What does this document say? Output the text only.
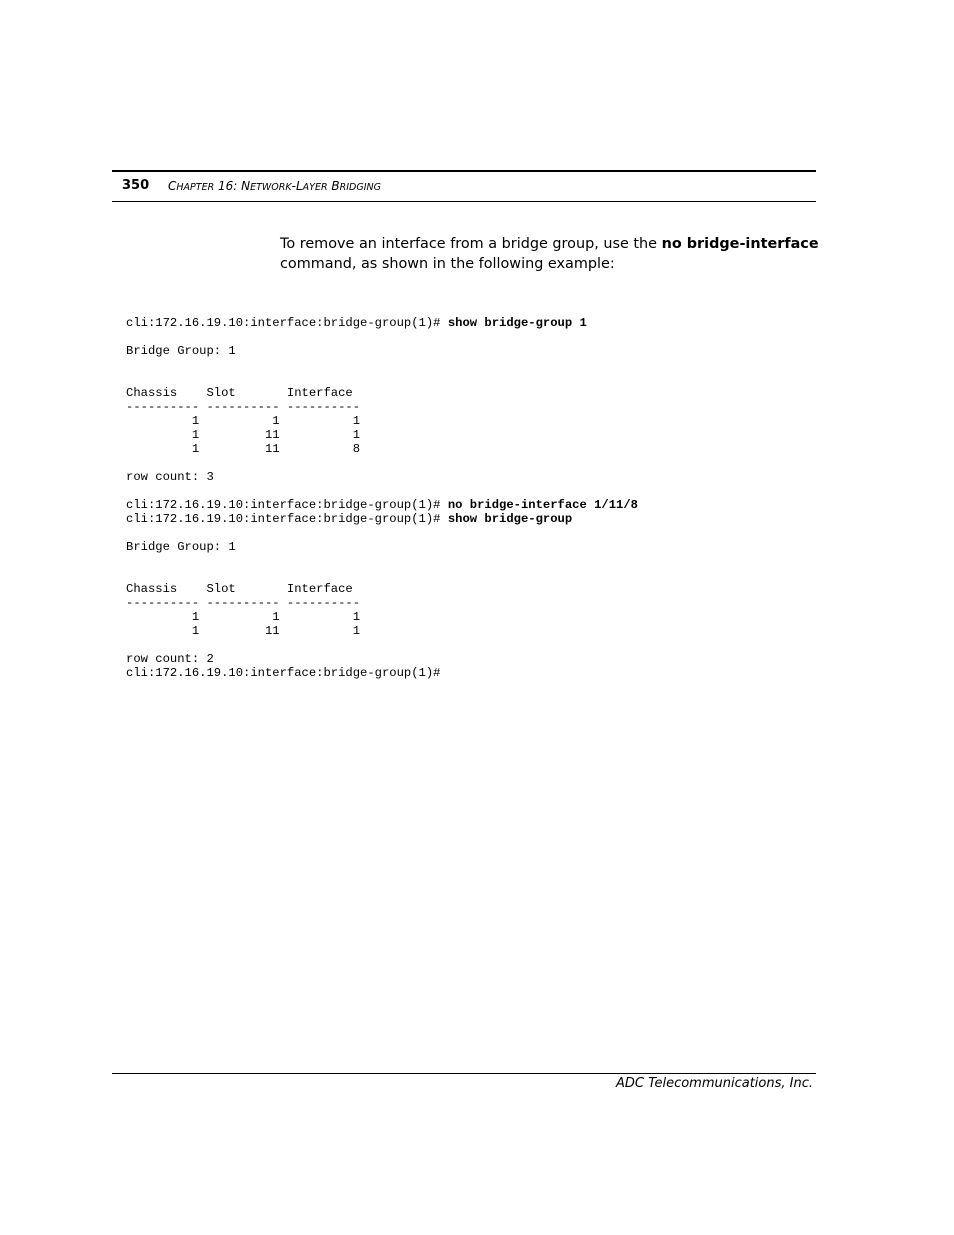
350 CHAPTER 16: NETWORK-LAYER BRIDGING

To remove an interface from a bridge group, use the no bridge-interface command, as shown in the following example:

cli:172.16.19.10:interface:bridge-group(1)# show bridge-group 1

Bridge Group: 1

Chassis    Slot       Interface
---------- ---------- ----------
1          1          1
1         11          1
1         11          8

row count: 3

cli:172.16.19.10:interface:bridge-group(1)# no bridge-interface 1/11/8
cli:172.16.19.10:interface:bridge-group(1)# show bridge-group

Bridge Group: 1

Chassis    Slot       Interface
---------- ---------- ----------
1          1          1
1         11          1

row count: 2
cli:172.16.19.10:interface:bridge-group(1)#
ADC Telecommunications, Inc.
